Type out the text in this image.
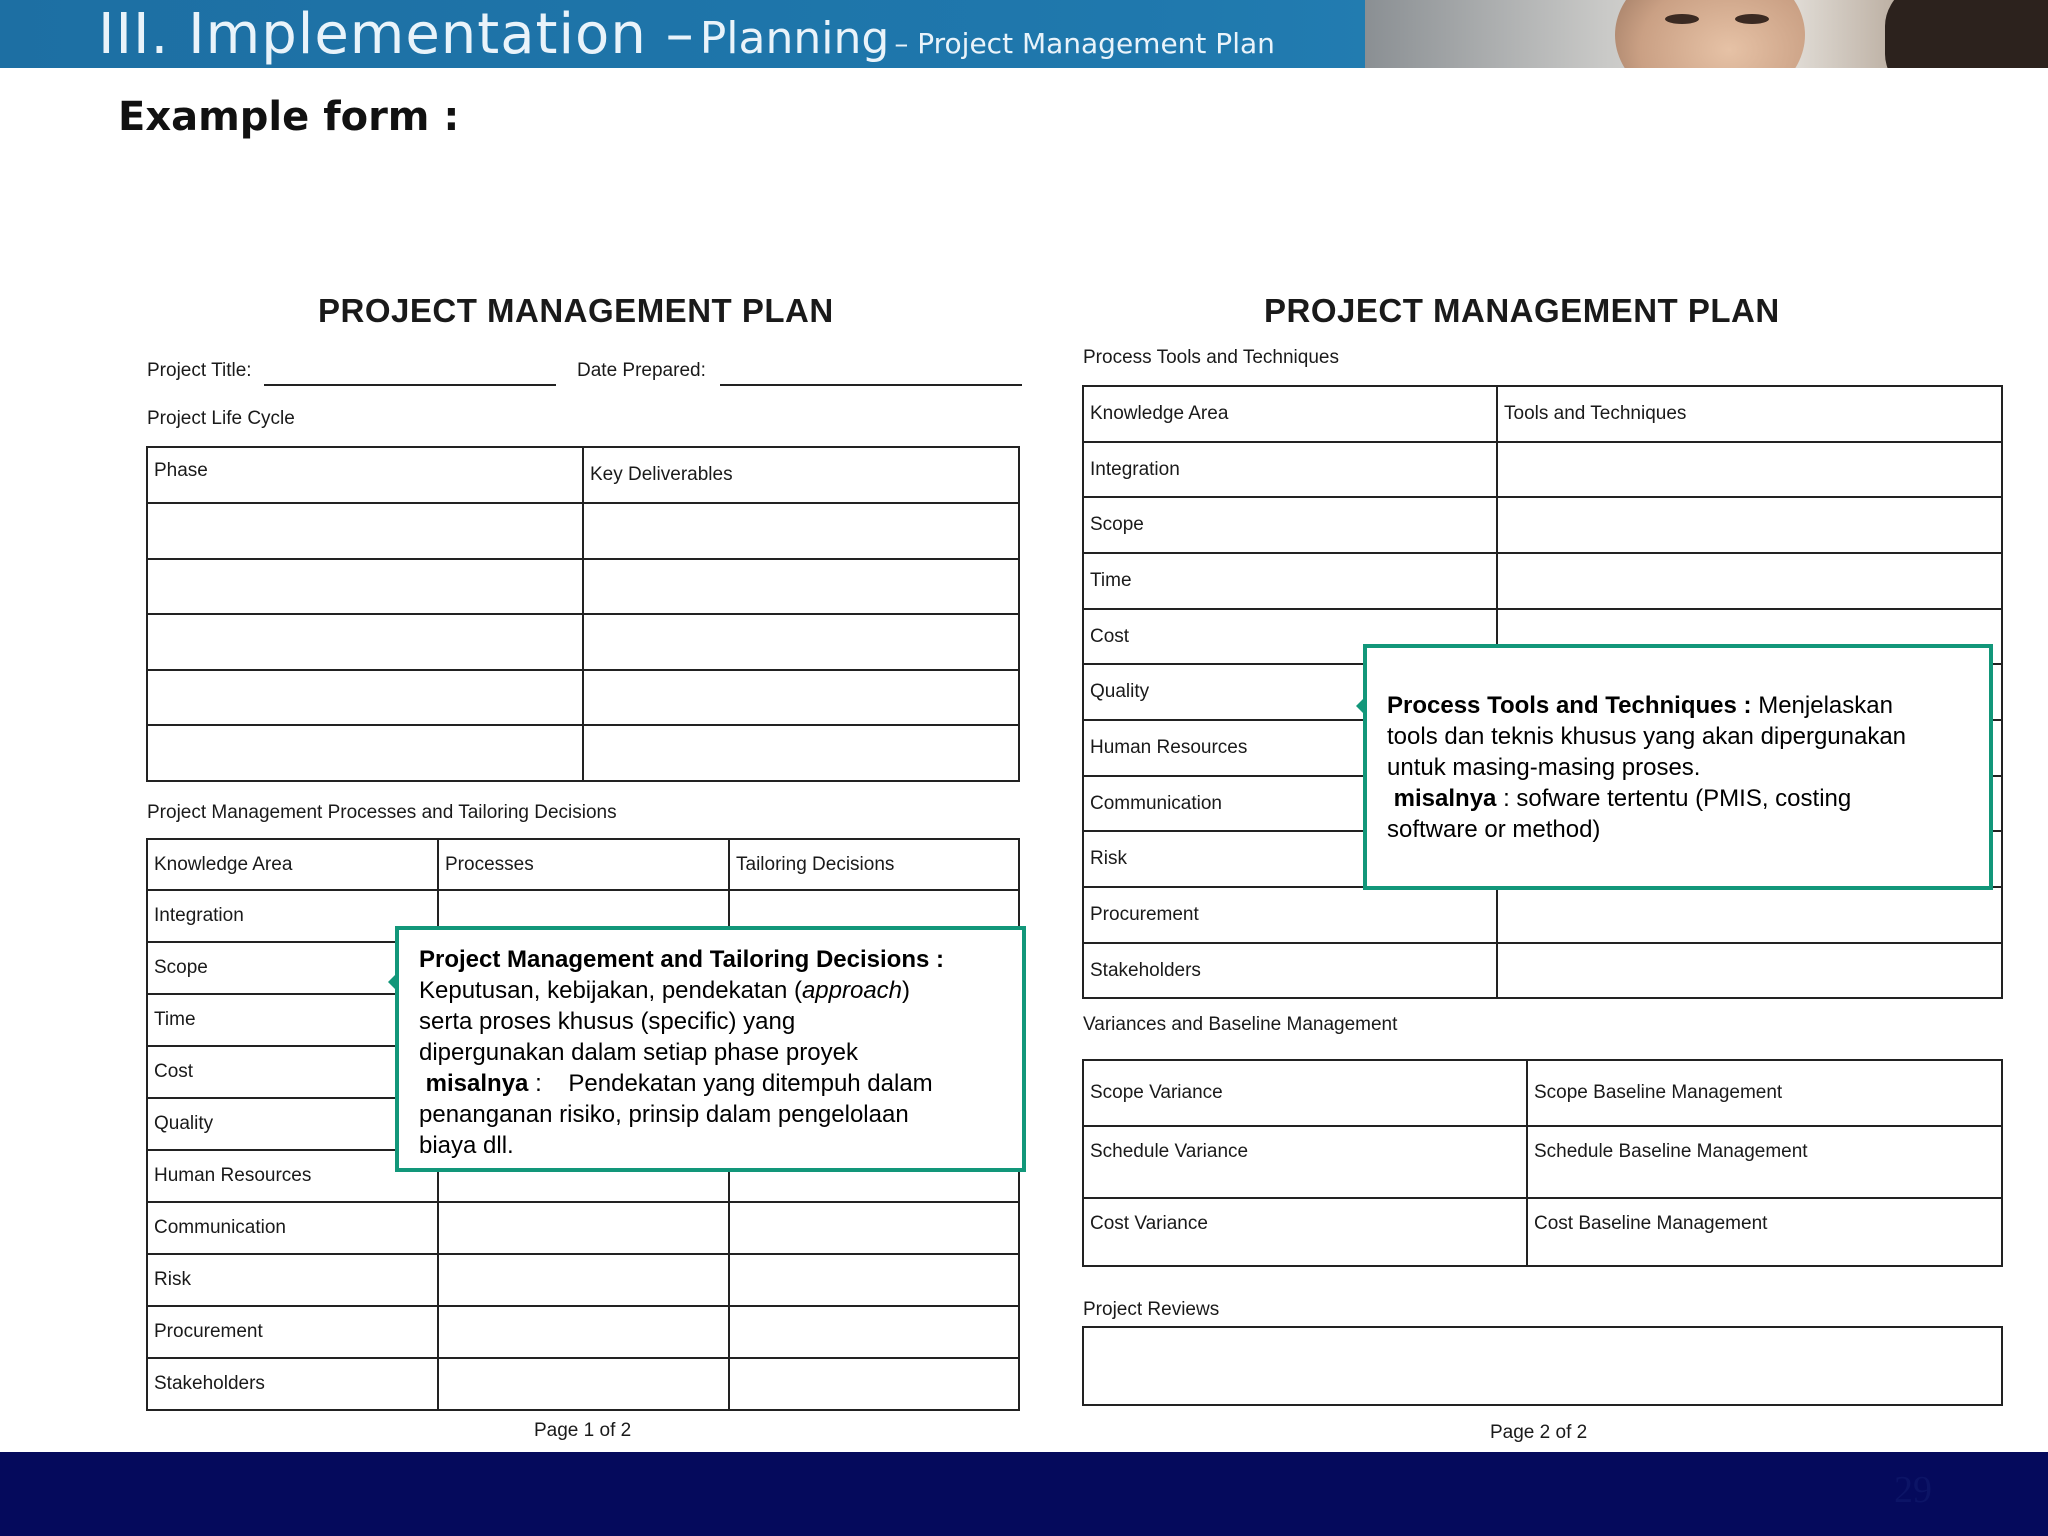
III. Implementation – Planning – Project Management Plan
Example form :
PROJECT MANAGEMENT PLAN
Project Title:	Date Prepared:
Project Life Cycle
Phase	Key Deliverables

Project Management Processes and Tailoring Decisions
Knowledge Area	Processes	Tailoring Decisions
Integration		
Scope		
Time		
Cost		
Quality		
Human Resources		
Communication		
Risk		
Procurement		
Stakeholders		
Page 1 of 2
PROJECT MANAGEMENT PLAN
Process Tools and Techniques
Knowledge Area	Tools and Techniques
Integration	
Scope	
Time	
Cost	
Quality	
Human Resources	
Communication	
Risk	
Procurement	
Stakeholders	
Variances and Baseline Management
Scope Variance	Scope Baseline Management
Schedule Variance	Schedule Baseline Management
Cost Variance	Cost Baseline Management
Project Reviews
Page 2 of 2
Project Management and Tailoring Decisions :
Keputusan, kebijakan, pendekatan (approach)
serta proses khusus (specific) yang
dipergunakan dalam setiap phase proyek
misalnya : Pendekatan yang ditempuh dalam
penanganan risiko, prinsip dalam pengelolaan
biaya dll.
Process Tools and Techniques : Menjelaskan
tools dan teknis khusus yang akan dipergunakan
untuk masing-masing proses.
misalnya : sofware tertentu (PMIS, costing
software or method)
29
